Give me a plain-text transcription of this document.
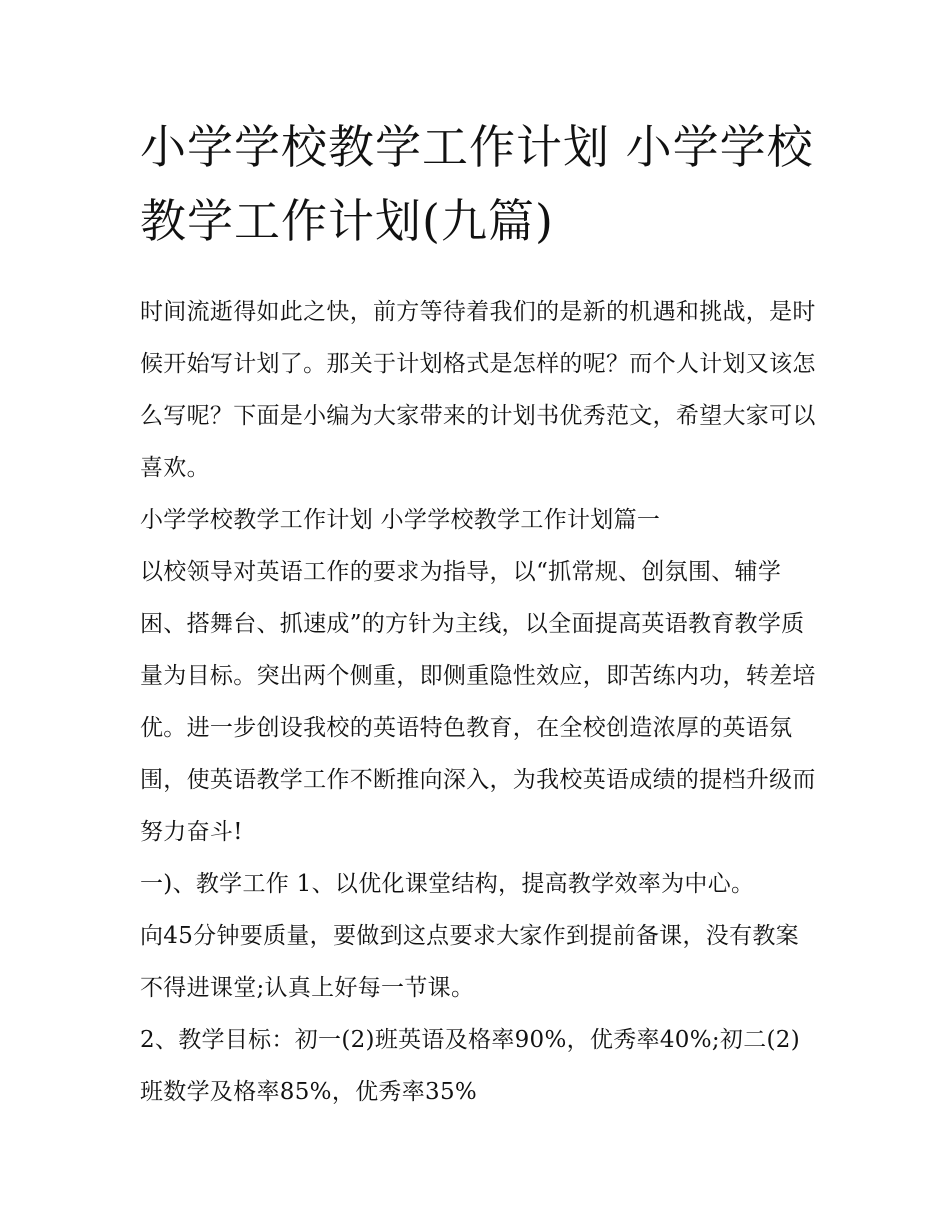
小学学校教学工作计划 小学学校教学工作计划(九篇)

时间流逝得如此之快，前方等待着我们的是新的机遇和挑战，是时候开始写计划了。那关于计划格式是怎样的呢？而个人计划又该怎么写呢？下面是小编为大家带来的计划书优秀范文，希望大家可以喜欢。

小学学校教学工作计划 小学学校教学工作计划篇一

以校领导对英语工作的要求为指导，以“抓常规、创氛围、辅学困、搭舞台、抓速成”的方针为主线，以全面提高英语教育教学质量为目标。突出两个侧重，即侧重隐性效应，即苦练内功，转差培优。进一步创设我校的英语特色教育，在全校创造浓厚的英语氛围，使英语教学工作不断推向深入，为我校英语成绩的提档升级而努力奋斗!

一)、教学工作 1、以优化课堂结构，提高教学效率为中心。

向45分钟要质量，要做到这点要求大家作到提前备课，没有教案不得进课堂;认真上好每一节课。

2、教学目标：初一(2)班英语及格率90%，优秀率40%;初二(2)班数学及格率85%，优秀率35%
